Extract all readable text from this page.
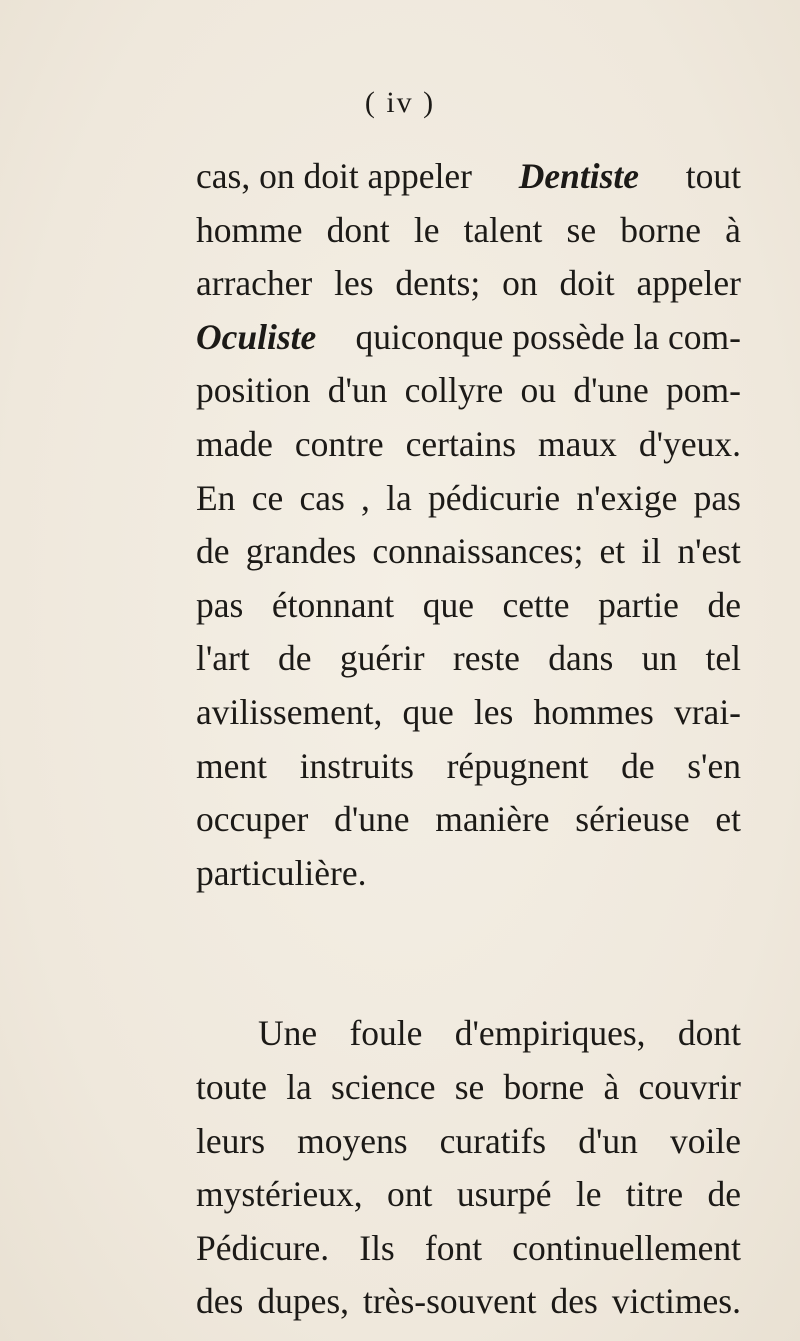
( iv )
cas, on doit appeler Dentiste tout
homme dont le talent se borne à
arracher les dents; on doit appeler
Oculiste quiconque possède la com-
position d'un collyre ou d'une pom-
made contre certains maux d'yeux.
En ce cas , la pédicurie n'exige pas
de grandes connaissances; et il n'est
pas étonnant que cette partie de
l'art de guérir reste dans un tel
avilissement, que les hommes vrai-
ment instruits répugnent de s'en
occuper d'une manière sérieuse et
particulière.
Une foule d'empiriques, dont
toute la science se borne à couvrir
leurs moyens curatifs d'un voile
mystérieux, ont usurpé le titre de
Pédicure. Ils font continuellement
des dupes, très-souvent des victimes.
